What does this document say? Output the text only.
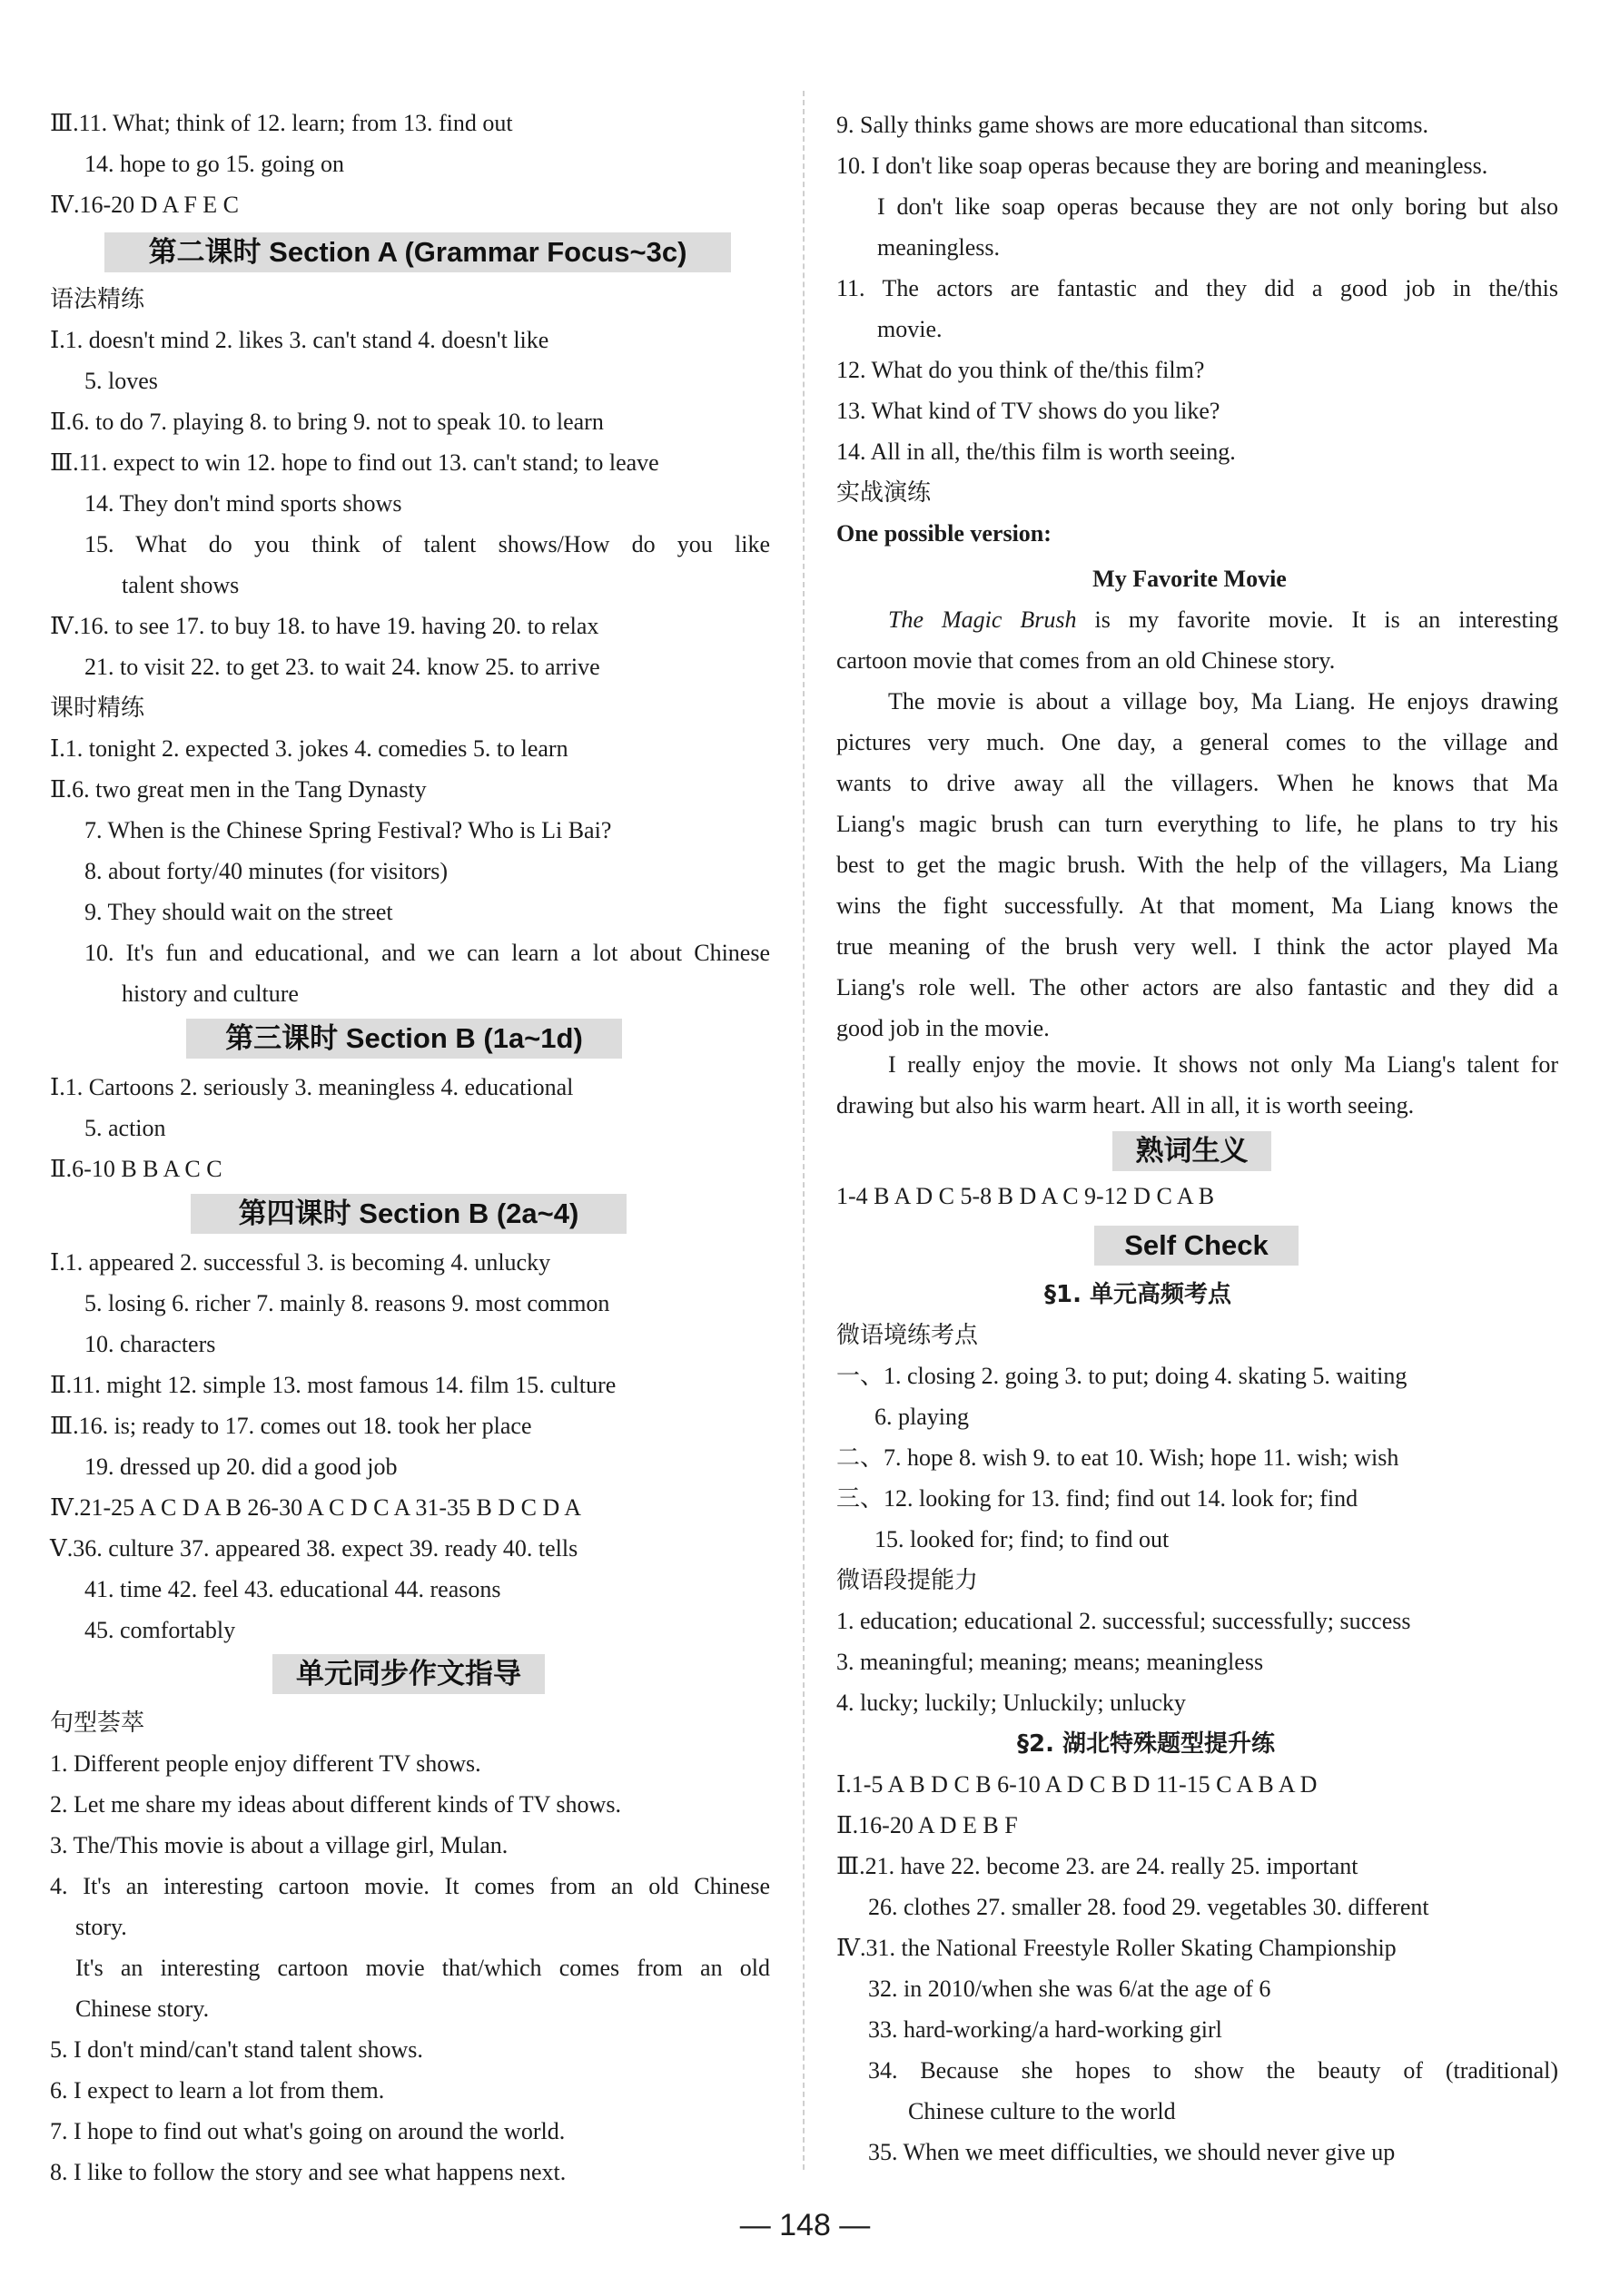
Ⅲ.11. What; think of 12. learn; from 13. find out
14. hope to go 15. going on
Ⅳ.16-20 D A F E C
语法精练
Ⅰ.1. doesn't mind 2. likes 3. can't stand 4. doesn't like
5. loves
Ⅱ.6. to do 7. playing 8. to bring 9. not to speak 10. to learn
Ⅲ.11. expect to win 12. hope to find out 13. can't stand; to leave
14. They don't mind sports shows
15. What do you think of talent shows/How do you like
talent shows
Ⅳ.16. to see 17. to buy 18. to have 19. having 20. to relax
21. to visit 22. to get 23. to wait 24. know 25. to arrive
课时精练
Ⅰ.1. tonight 2. expected 3. jokes 4. comedies 5. to learn
Ⅱ.6. two great men in the Tang Dynasty
7. When is the Chinese Spring Festival? Who is Li Bai?
8. about forty/40 minutes (for visitors)
9. They should wait on the street
10. It's fun and educational, and we can learn a lot about Chinese
history and culture
Ⅰ.1. Cartoons 2. seriously 3. meaningless 4. educational
5. action
Ⅱ.6-10 B B A C C
Ⅰ.1. appeared 2. successful 3. is becoming 4. unlucky
5. losing 6. richer 7. mainly 8. reasons 9. most common
10. characters
Ⅱ.11. might 12. simple 13. most famous 14. film 15. culture
Ⅲ.16. is; ready to 17. comes out 18. took her place
19. dressed up 20. did a good job
Ⅳ.21-25 A C D A B 26-30 A C D C A 31-35 B D C D A
Ⅴ.36. culture 37. appeared 38. expect 39. ready 40. tells
41. time 42. feel 43. educational 44. reasons
45. comfortably
句型荟萃
1. Different people enjoy different TV shows.
2. Let me share my ideas about different kinds of TV shows.
3. The/This movie is about a village girl, Mulan.
4. It's an interesting cartoon movie. It comes from an old Chinese
story.
It's an interesting cartoon movie that/which comes from an old
Chinese story.
5. I don't mind/can't stand talent shows.
6. I expect to learn a lot from them.
7. I hope to find out what's going on around the world.
8. I like to follow the story and see what happens next.
9. Sally thinks game shows are more educational than sitcoms.
10. I don't like soap operas because they are boring and meaningless.
I don't like soap operas because they are not only boring but also
meaningless.
11. The actors are fantastic and they did a good job in the/this
movie.
12. What do you think of the/this film?
13. What kind of TV shows do you like?
14. All in all, the/this film is worth seeing.
实战演练
One possible version:
I really enjoy the movie. It shows not only Ma Liang's talent for
drawing but also his warm heart. All in all, it is worth seeing.
1-4 B A D C 5-8 B D A C 9-12 D C A B
§1. 单元高频考点
微语境练考点
一、1. closing 2. going 3. to put; doing 4. skating 5. waiting
6. playing
二、7. hope 8. wish 9. to eat 10. Wish; hope 11. wish; wish
三、12. looking for 13. find; find out 14. look for; find
15. looked for; find; to find out
微语段提能力
1. education; educational 2. successful; successfully; success
3. meaningful; meaning; means; meaningless
4. lucky; luckily; Unluckily; unlucky
§2. 湖北特殊题型提升练
Ⅰ.1-5 A B D C B 6-10 A D C B D 11-15 C A B A D
Ⅱ.16-20 A D E B F
Ⅲ.21. have 22. become 23. are 24. really 25. important
26. clothes 27. smaller 28. food 29. vegetables 30. different
Ⅳ.31. the National Freestyle Roller Skating Championship
32. in 2010/when she was 6/at the age of 6
33. hard-working/a hard-working girl
34. Because she hopes to show the beauty of (traditional)
Chinese culture to the world
35. When we meet difficulties, we should never give up
第二课时 Section A (Grammar Focus~3c)
第三课时 Section B (1a~1d)
第四课时 Section B (2a~4)
单元同步作文指导
熟词生义
Self Check
My Favorite Movie
The Magic Brush is my favorite movie. It is an interesting
cartoon movie that comes from an old Chinese story.
The movie is about a village boy, Ma Liang. He enjoys drawing
pictures very much. One day, a general comes to the village and
wants to drive away all the villagers. When he knows that Ma
Liang's magic brush can turn everything to life, he plans to try his
best to get the magic brush. With the help of the villagers, Ma Liang
wins the fight successfully. At that moment, Ma Liang knows the
true meaning of the brush very well. I think the actor played Ma
Liang's role well. The other actors are also fantastic and they did a
good job in the movie.
— 148 —
